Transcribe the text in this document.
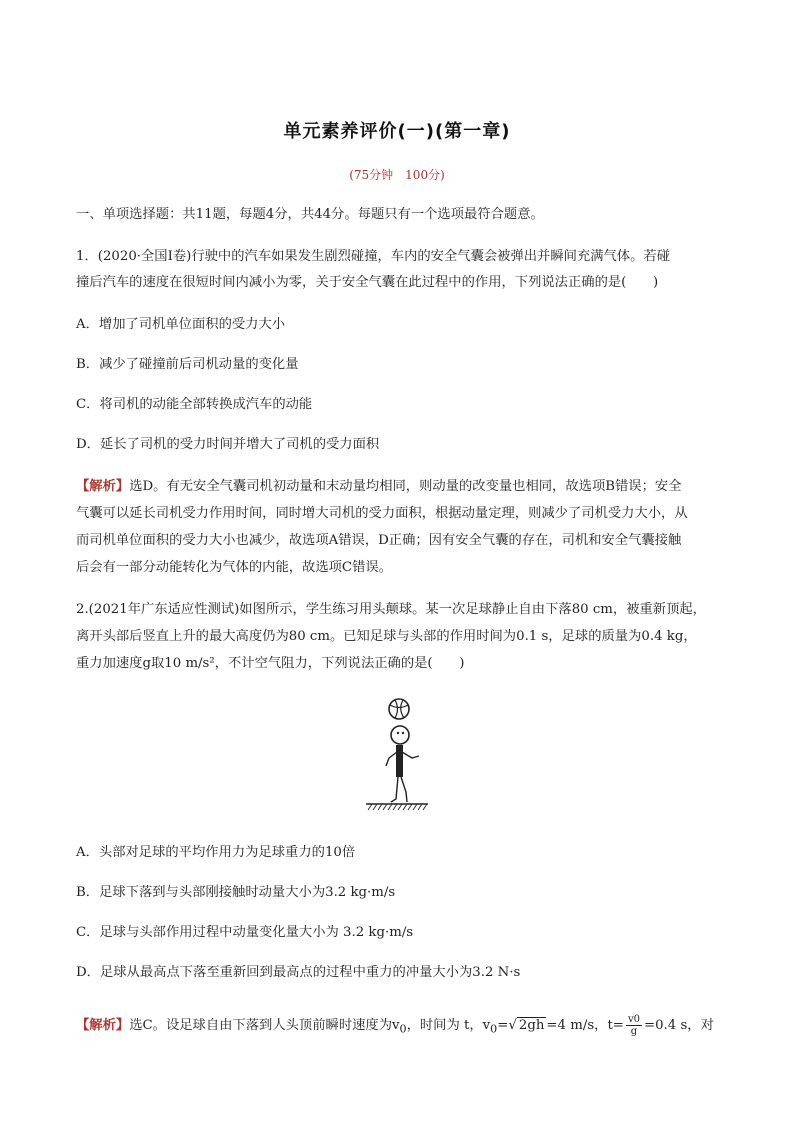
单元素养评价(一)(第一章)
(75分钟　100分)
一、单项选择题：共11题，每题4分，共44分。每题只有一个选项最符合题意。
1．(2020·全国Ⅰ卷)行驶中的汽车如果发生剧烈碰撞，车内的安全气囊会被弹出并瞬间充满气体。若碰
撞后汽车的速度在很短时间内减小为零，关于安全气囊在此过程中的作用，下列说法正确的是(　　)
A．增加了司机单位面积的受力大小
B．减少了碰撞前后司机动量的变化量
C．将司机的动能全部转换成汽车的动能
D．延长了司机的受力时间并增大了司机的受力面积
【解析】选D。有无安全气囊司机初动量和末动量均相同，则动量的改变量也相同，故选项B错误；安全
气囊可以延长司机受力作用时间，同时增大司机的受力面积，根据动量定理，则减少了司机受力大小，从
而司机单位面积的受力大小也减少，故选项A错误，D正确；因有安全气囊的存在，司机和安全气囊接触
后会有一部分动能转化为气体的内能，故选项C错误。
2.(2021年广东适应性测试)如图所示，学生练习用头颠球。某一次足球静止自由下落80 cm，被重新顶起，
离开头部后竖直上升的最大高度仍为80 cm。已知足球与头部的作用时间为0.1 s，足球的质量为0.4 kg，
重力加速度g取10 m/s²，不计空气阻力，下列说法正确的是(　　)
A．头部对足球的平均作用力为足球重力的10倍
B．足球下落到与头部刚接触时动量大小为3.2 kg·m/s
C．足球与头部作用过程中动量变化量大小为 3.2 kg·m/s
D．足球从最高点下落至重新回到最高点的过程中重力的冲量大小为3.2 N·s
【解析】选C。设足球自由下落到人头顶前瞬时速度为$v_0$，时间为 t，$v_0=√$ 2gh =4 m/s，$t= \frac{v0}{g} =0.4$ s，对
